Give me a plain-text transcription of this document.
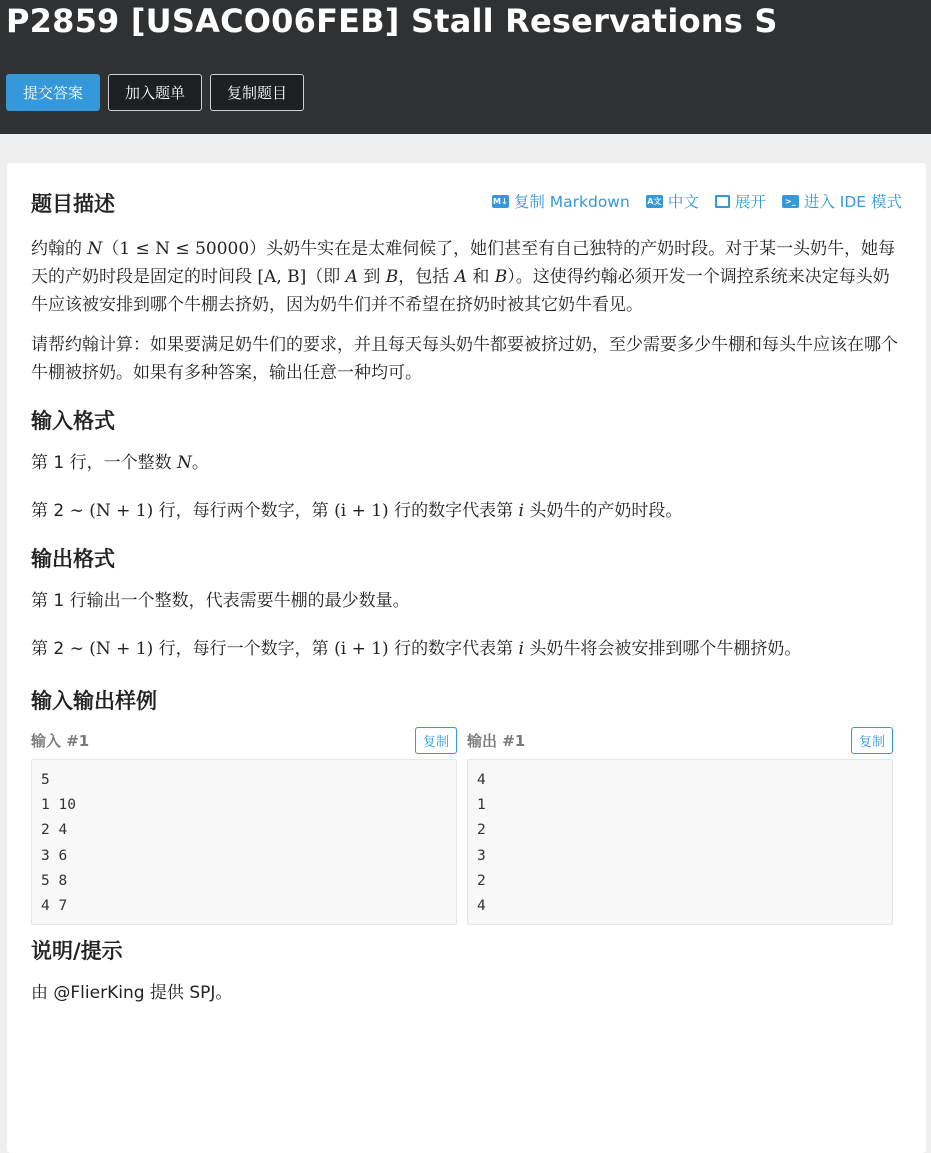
P2859 [USACO06FEB] Stall Reservations S
提交答案	加入题单	复制题目
题目描述	M↓ 复制 Markdown A文 中文 展开	>_ 进入 IDE 模式

约翰的 N（1 ≤ N ≤ 50000）头奶牛实在是太难伺候了，她们甚至有自己独特的产奶时段。对于某一头奶牛，她每天的产奶时段是固定的时间段 [A, B]（即 A 到 B，包括 A 和 B）。这使得约翰必须开发一个调控系统来决定每头奶牛应该被安排到哪个牛棚去挤奶，因为奶牛们并不希望在挤奶时被其它奶牛看见。

请帮约翰计算：如果要满足奶牛们的要求，并且每天每头奶牛都要被挤过奶，至少需要多少牛棚和每头牛应该在哪个牛棚被挤奶。如果有多种答案，输出任意一种均可。

输入格式

第 1 行，一个整数 N。

第 2 ∼ (N + 1) 行，每行两个数字，第 (i + 1) 行的数字代表第 i 头奶牛的产奶时段。

输出格式

第 1 行输出一个整数，代表需要牛棚的最少数量。

第 2 ∼ (N + 1) 行，每行一个数字，第 (i + 1) 行的数字代表第 i 头奶牛将会被安排到哪个牛棚挤奶。

输入输出样例
输入 #1	复制
5
1 10
2 4
3 6
5 8
4 7
输出 #1	复制
4
1
2
3
2
4
说明/提示

由 @FlierKing 提供 SPJ。
